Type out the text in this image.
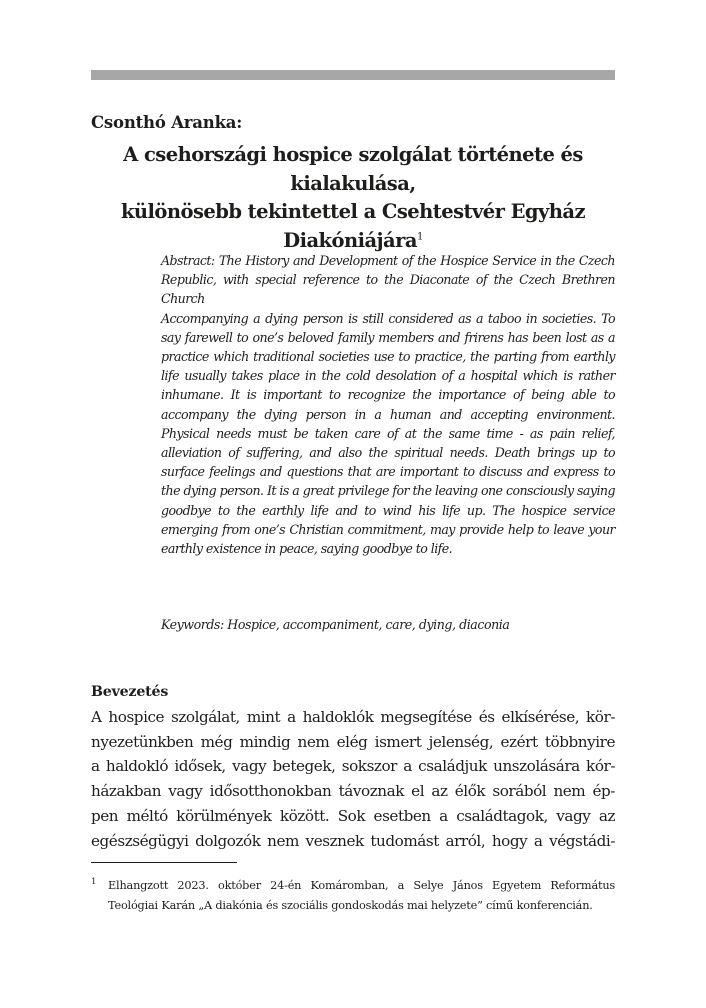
Csonthó Aranka:
A csehországi hospice szolgálat története és kialakulása,
különösebb tekintettel a Csehtestvér Egyház
Diakóniájára$^1$

Abstract: The History and Development of the Hospice Service in the Czech Republic, with special reference to the Diaconate of the Czech Brethren Church

Accompanying a dying person is still considered as a taboo in societies. To say farewell to one’s beloved family members and frirens has been lost as a practice which traditional societies use to practice, the parting from earthly life usually takes place in the cold desolation of a hospital which is rather inhumane. It is important to recognize the importance of being able to accompany the dying person in a human and accepting environment. Physical needs must be taken care of at the same time - as pain relief, alleviation of suffering, and also the spiritual needs. Death brings up to surface feelings and questions that are important to discuss and express to the dying person. It is a great privilege for the leaving one consciously saying goodbye to the earthly life and to wind his life up. The hospice service emerging from one’s Christian commitment, may provide help to leave your earthly existence in peace, saying goodbye to life.

Keywords: Hospice, accompaniment, care, dying, diaconia
Bevezetés
A hospice szolgálat, mint a haldoklók megsegítése és elkísérése, kör-
nyezetünkben még mindig nem elég ismert jelenség, ezért többnyire
a haldokló idősek, vagy betegek, sokszor a családjuk unszolására kór-
házakban vagy idősotthonokban távoznak el az élők sorából nem ép-
pen méltó körülmények között. Sok esetben a családtagok, vagy az
egészségügyi dolgozók nem vesznek tudomást arról, hogy a végstádi-
1 Elhangzott 2023. október 24-én Komáromban, a Selye János Egyetem Református Teológiai Karán „A diakónia és szociális gondoskodás mai helyzete” című konferencián.
